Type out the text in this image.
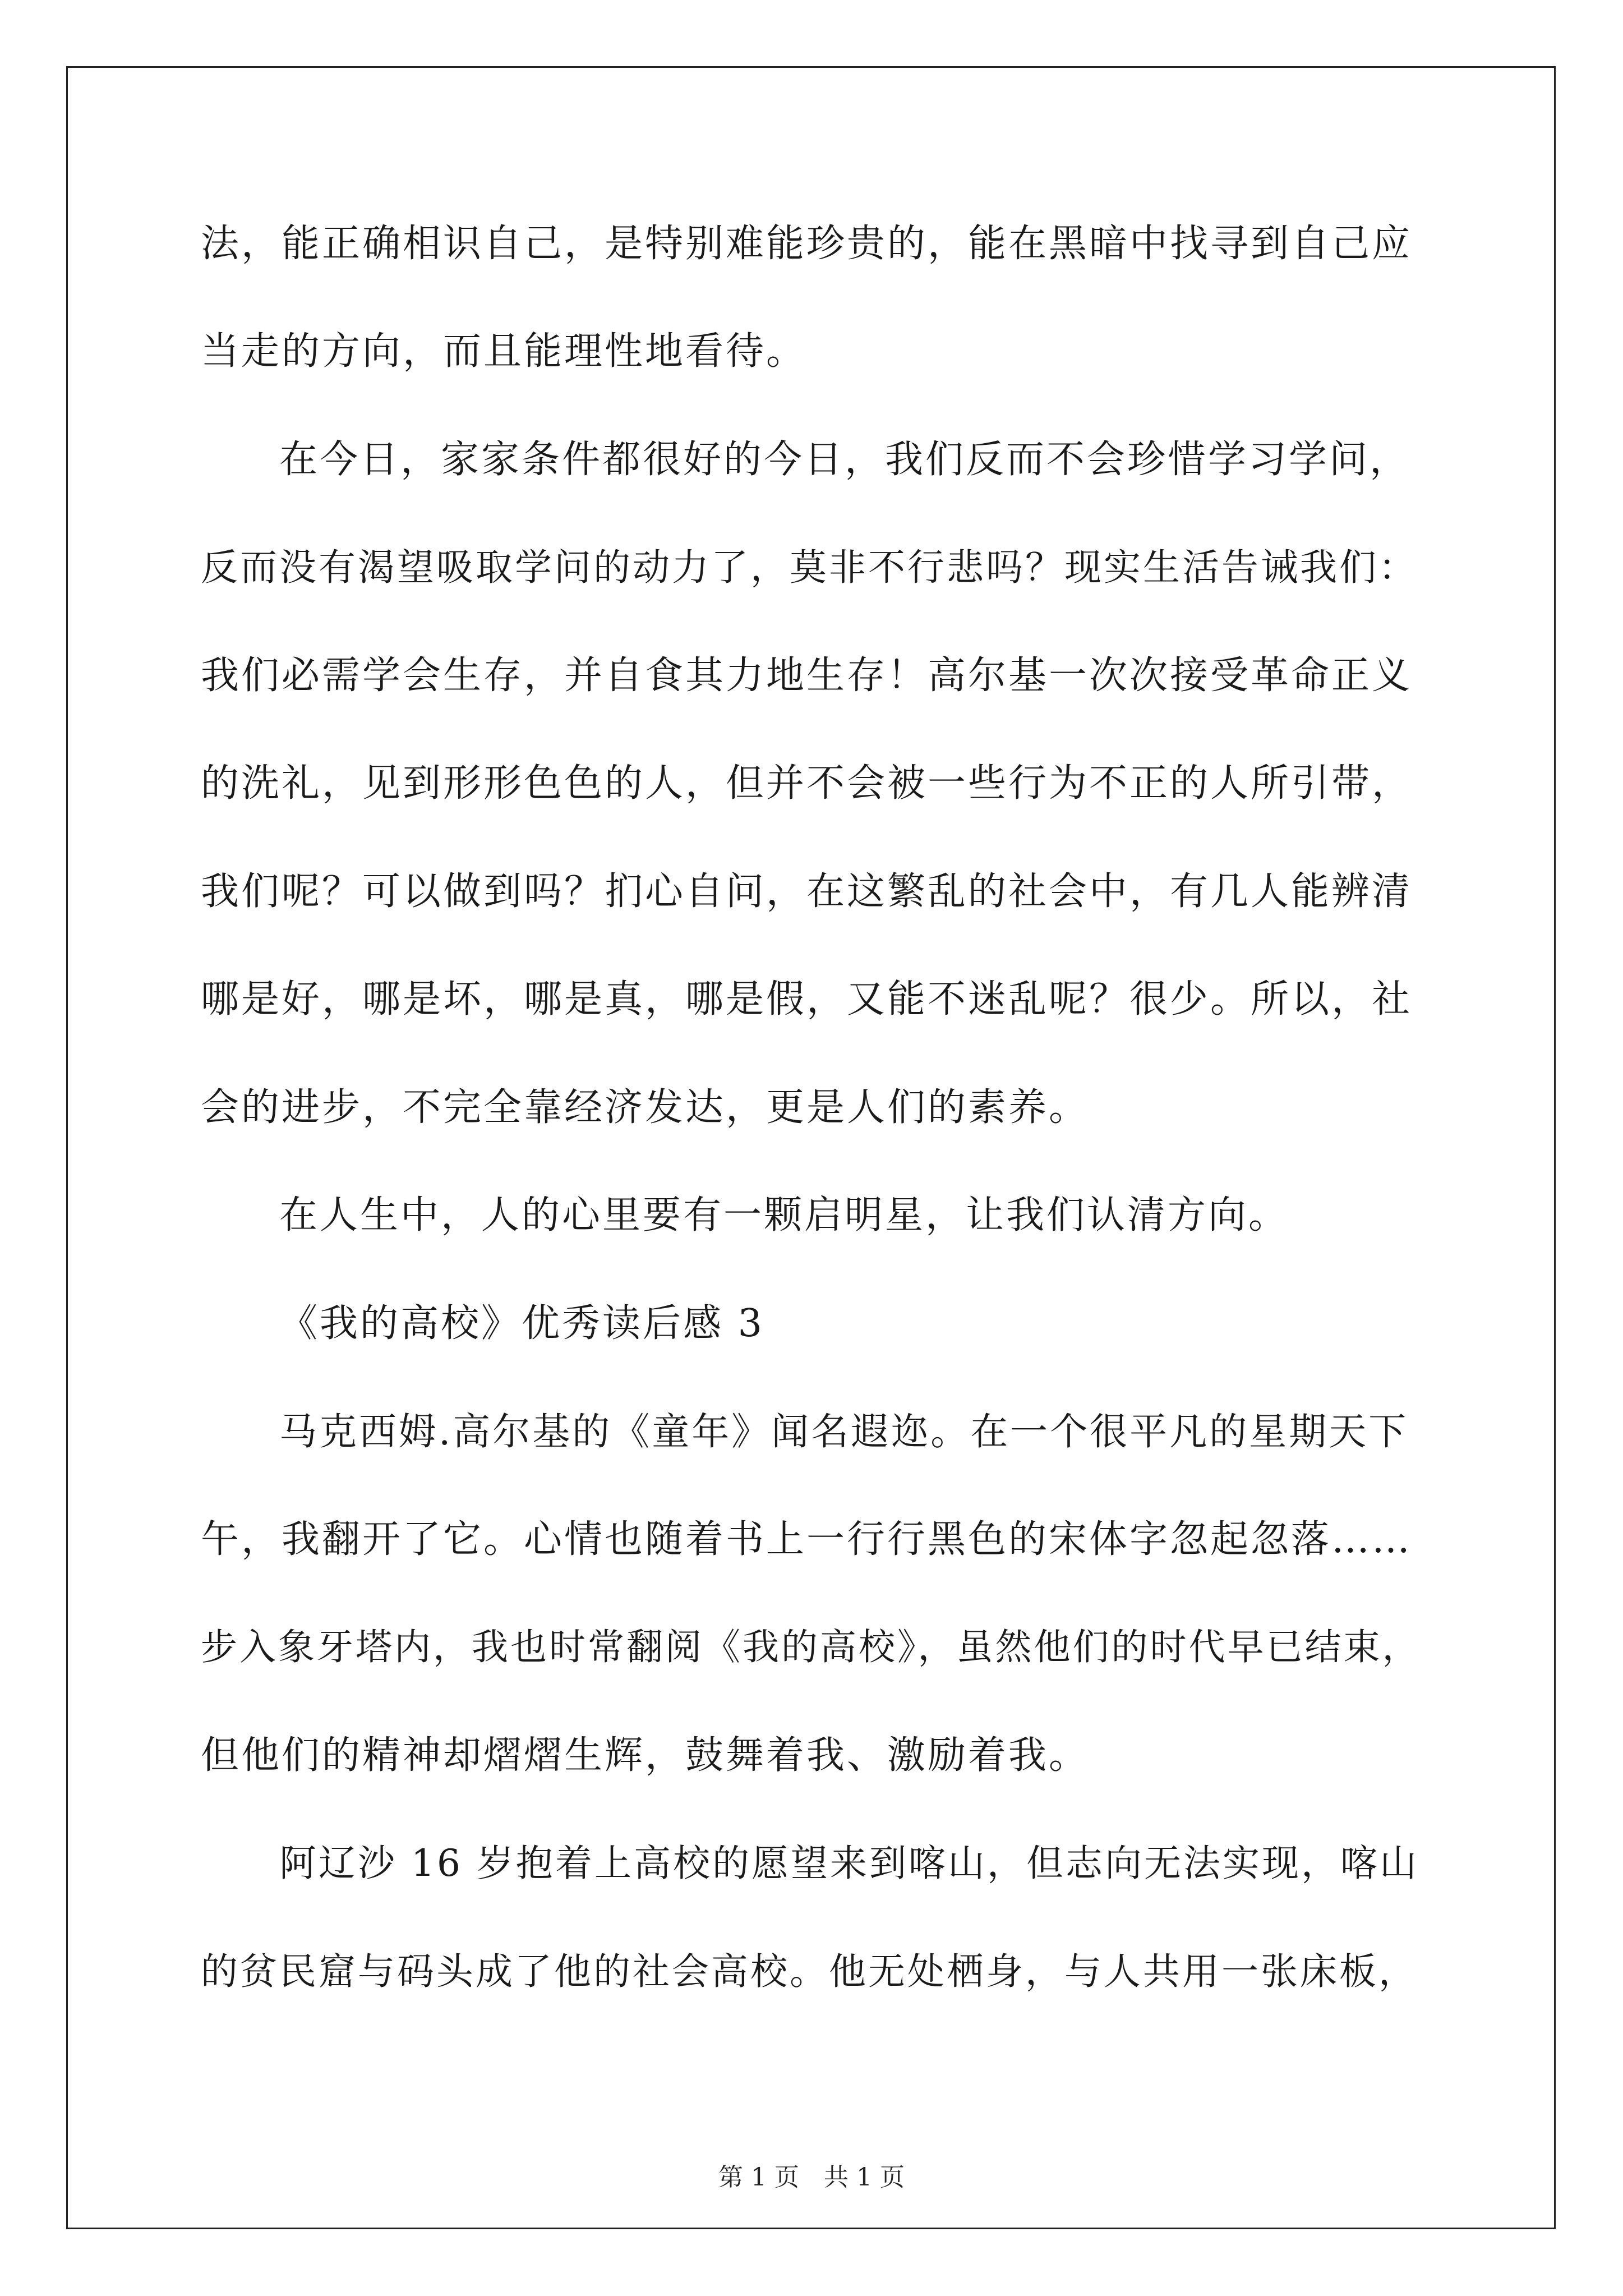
法，能正确相识自己，是特别难能珍贵的，能在黑暗中找寻到自己应
当走的方向，而且能理性地看待。
在今日，家家条件都很好的今日，我们反而不会珍惜学习学问，
反而没有渴望吸取学问的动力了，莫非不行悲吗？现实生活告诫我们：
我们必需学会生存，并自食其力地生存！高尔基一次次接受革命正义
的洗礼，见到形形色色的人，但并不会被一些行为不正的人所引带，
我们呢？可以做到吗？扪心自问，在这繁乱的社会中，有几人能辨清
哪是好，哪是坏，哪是真，哪是假，又能不迷乱呢？很少。所以，社
会的进步，不完全靠经济发达，更是人们的素养。
在人生中，人的心里要有一颗启明星，让我们认清方向。
《我的高校》优秀读后感 3
马克西姆.高尔基的《童年》闻名遐迩。在一个很平凡的星期天下
午，我翻开了它。心情也随着书上一行行黑色的宋体字忽起忽落……
步入象牙塔内，我也时常翻阅《我的高校》，虽然他们的时代早已结束，
但他们的精神却熠熠生辉，鼓舞着我、激励着我。
阿辽沙 16 岁抱着上高校的愿望来到喀山，但志向无法实现，喀山
的贫民窟与码头成了他的社会高校。他无处栖身，与人共用一张床板，
第 1 页　共 1 页
